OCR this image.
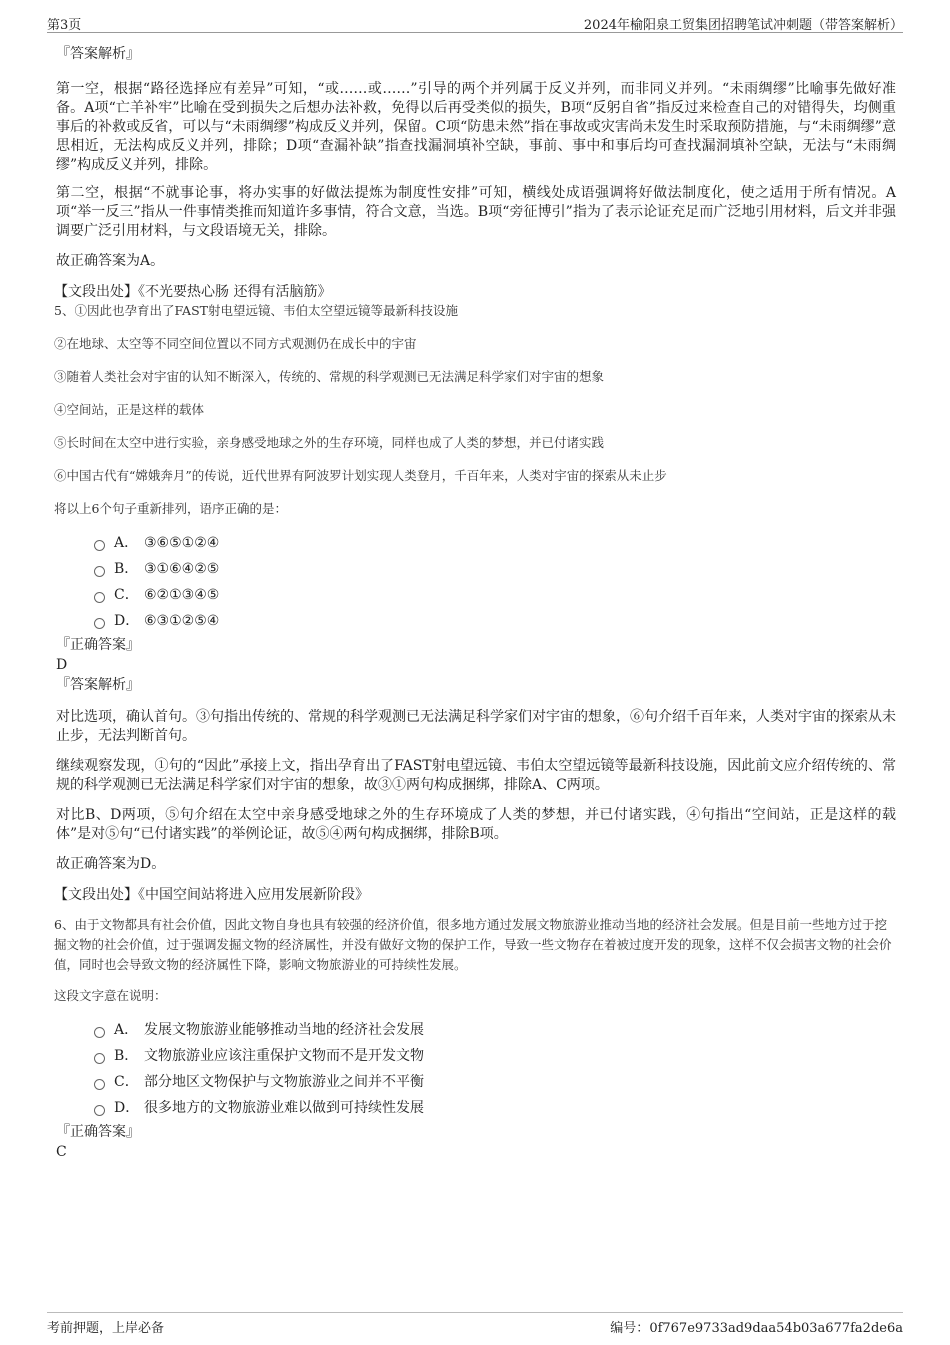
第3页	2024年榆阳泉工贸集团招聘笔试冲刺题（带答案解析）
『答案解析』

第一空，根据“路径选择应有差异”可知，“或……或……”引导的两个并列属于反义并列，而非同义并列。“未雨绸缪”比喻事先做好准备。A项“亡羊补牢”比喻在受到损失之后想办法补救，免得以后再受类似的损失，B项“反躬自省”指反过来检查自己的对错得失，均侧重事后的补救或反省，可以与“未雨绸缪”构成反义并列，保留。C项“防患未然”指在事故或灾害尚未发生时采取预防措施，与“未雨绸缪”意思相近，无法构成反义并列，排除；D项“查漏补缺”指查找漏洞填补空缺，事前、事中和事后均可查找漏洞填补空缺，无法与“未雨绸缪”构成反义并列，排除。

第二空，根据“不就事论事，将办实事的好做法提炼为制度性安排”可知，横线处成语强调将好做法制度化，使之适用于所有情况。A项“举一反三”指从一件事情类推而知道许多事情，符合文意，当选。B项“旁征博引”指为了表示论证充足而广泛地引用材料，后文并非强调要广泛引用材料，与文段语境无关，排除。

故正确答案为A。

【文段出处】《不光要热心肠 还得有活脑筋》

5、①因此也孕育出了FAST射电望远镜、韦伯太空望远镜等最新科技设施

②在地球、太空等不同空间位置以不同方式观测仍在成长中的宇宙

③随着人类社会对宇宙的认知不断深入，传统的、常规的科学观测已无法满足科学家们对宇宙的想象

④空间站，正是这样的载体

⑤长时间在太空中进行实验，亲身感受地球之外的生存环境，同样也成了人类的梦想，并已付诸实践

⑥中国古代有“嫦娥奔月”的传说，近代世界有阿波罗计划实现人类登月，千百年来，人类对宇宙的探索从未止步

将以上6个句子重新排列，语序正确的是：

A． ③⑥⑤①②④
B． ③①⑥④②⑤
C． ⑥②①③④⑤
D． ⑥③①②⑤④
『正确答案』
D
『答案解析』

对比选项，确认首句。③句指出传统的、常规的科学观测已无法满足科学家们对宇宙的想象，⑥句介绍千百年来，人类对宇宙的探索从未止步，无法判断首句。

继续观察发现，①句的“因此”承接上文，指出孕育出了FAST射电望远镜、韦伯太空望远镜等最新科技设施，因此前文应介绍传统的、常规的科学观测已无法满足科学家们对宇宙的想象，故③①两句构成捆绑，排除A、C两项。

对比B、D两项，⑤句介绍在太空中亲身感受地球之外的生存环境成了人类的梦想，并已付诸实践，④句指出“空间站，正是这样的载体”是对⑤句“已付诸实践”的举例论证，故⑤④两句构成捆绑，排除B项。

故正确答案为D。

【文段出处】《中国空间站将进入应用发展新阶段》

6、由于文物都具有社会价值，因此文物自身也具有较强的经济价值，很多地方通过发展文物旅游业推动当地的经济社会发展。但是目前一些地方过于挖掘文物的社会价值，过于强调发掘文物的经济属性，并没有做好文物的保护工作，导致一些文物存在着被过度开发的现象，这样不仅会损害文物的社会价值，同时也会导致文物的经济属性下降，影响文物旅游业的可持续性发展。

这段文字意在说明：

A． 发展文物旅游业能够推动当地的经济社会发展
B． 文物旅游业应该注重保护文物而不是开发文物
C． 部分地区文物保护与文物旅游业之间并不平衡
D． 很多地方的文物旅游业难以做到可持续性发展
『正确答案』
C
考前押题，上岸必备	编号：0f767e9733ad9daa54b03a677fa2de6a
